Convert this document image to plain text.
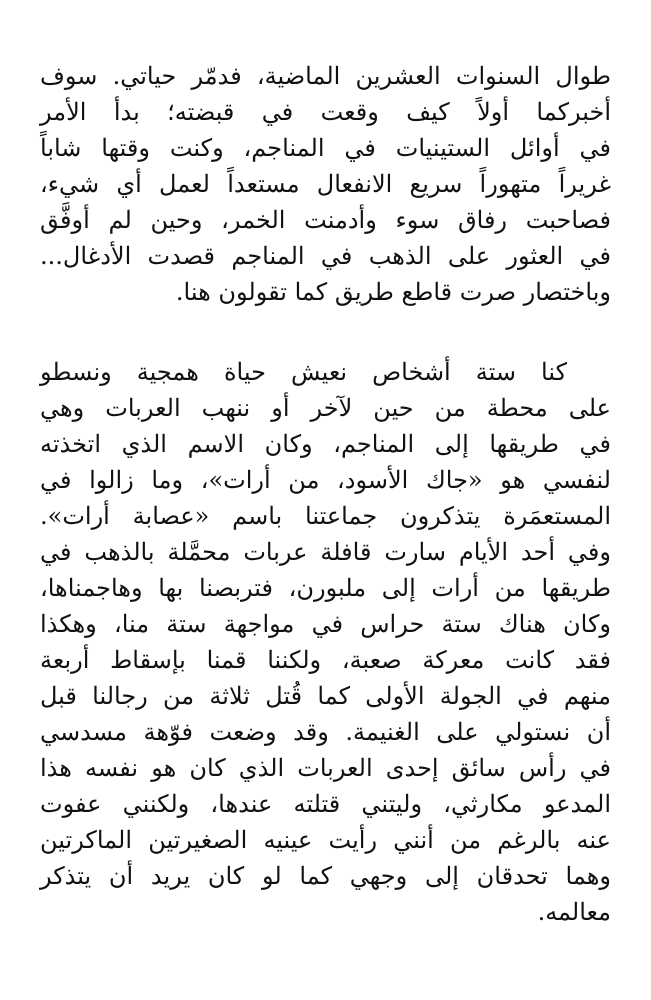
طوال السنوات العشرين الماضية، فدمّر حياتي. سوف
أخبركما أولاً كيف وقعت في قبضته؛ بدأ الأمر
في أوائل الستينيات في المناجم، وكنت وقتها شاباً
غريراً متهوراً سريع الانفعال مستعداً لعمل أي شيء،
فصاحبت رفاق سوء وأدمنت الخمر، وحين لم أوفَّق
في العثور على الذهب في المناجم قصدت الأدغال...
وباختصار صرت قاطع طريق كما تقولون هنا.
كنا ستة أشخاص نعيش حياة همجية ونسطو
على محطة من حين لآخر أو ننهب العربات وهي
في طريقها إلى المناجم، وكان الاسم الذي اتخذته
لنفسي هو «جاك الأسود، من أرات»، وما زالوا في
المستعمَرة يتذكرون جماعتنا باسم «عصابة أرات».
وفي أحد الأيام سارت قافلة عربات محمَّلة بالذهب في
طريقها من أرات إلى ملبورن، فتربصنا بها وهاجمناها،
وكان هناك ستة حراس في مواجهة ستة منا، وهكذا
فقد كانت معركة صعبة، ولكننا قمنا بإسقاط أربعة
منهم في الجولة الأولى كما قُتل ثلاثة من رجالنا قبل
أن نستولي على الغنيمة. وقد وضعت فوّهة مسدسي
في رأس سائق إحدى العربات الذي كان هو نفسه هذا
المدعو مكارثي، وليتني قتلته عندها، ولكنني عفوت
عنه بالرغم من أنني رأيت عينيه الصغيرتين الماكرتين
وهما تحدقان إلى وجهي كما لو كان يريد أن يتذكر
معالمه.
